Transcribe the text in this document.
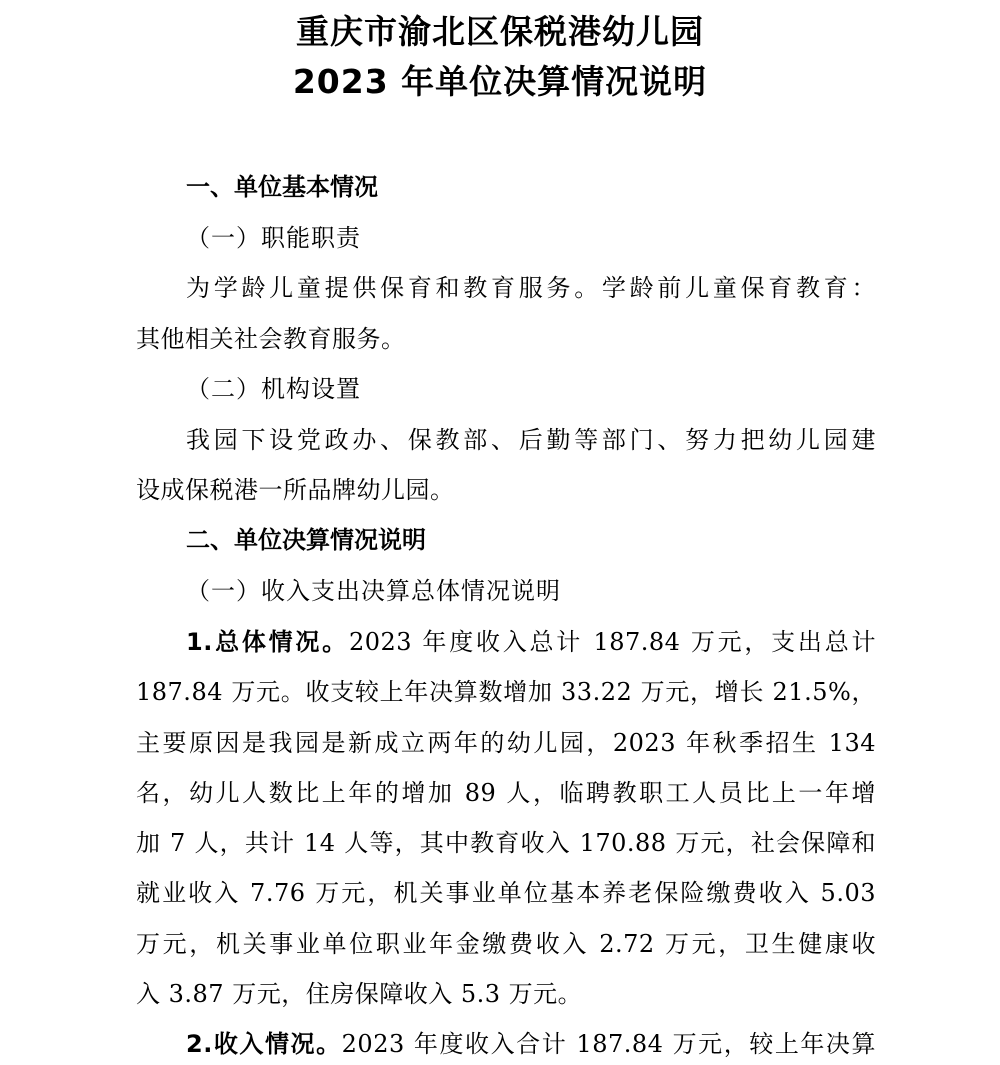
重庆市渝北区保税港幼儿园
2023 年单位决算情况说明
一、单位基本情况
（一）职能职责
为学龄儿童提供保育和教育服务。学龄前儿童保育教育：
其他相关社会教育服务。
（二）机构设置
我园下设党政办、保教部、后勤等部门、努力把幼儿园建
设成保税港一所品牌幼儿园。
二、单位决算情况说明
（一）收入支出决算总体情况说明
1.总体情况。2023 年度收入总计 187.84 万元，支出总计
187.84 万元。收支较上年决算数增加 33.22 万元，增长 21.5%，
主要原因是我园是新成立两年的幼儿园，2023 年秋季招生 134
名，幼儿人数比上年的增加 89 人，临聘教职工人员比上一年增
加 7 人，共计 14 人等，其中教育收入 170.88 万元，社会保障和
就业收入 7.76 万元，机关事业单位基本养老保险缴费收入 5.03
万元，机关事业单位职业年金缴费收入 2.72 万元，卫生健康收
入 3.87 万元，住房保障收入 5.3 万元。
2.收入情况。2023 年度收入合计 187.84 万元，较上年决算
